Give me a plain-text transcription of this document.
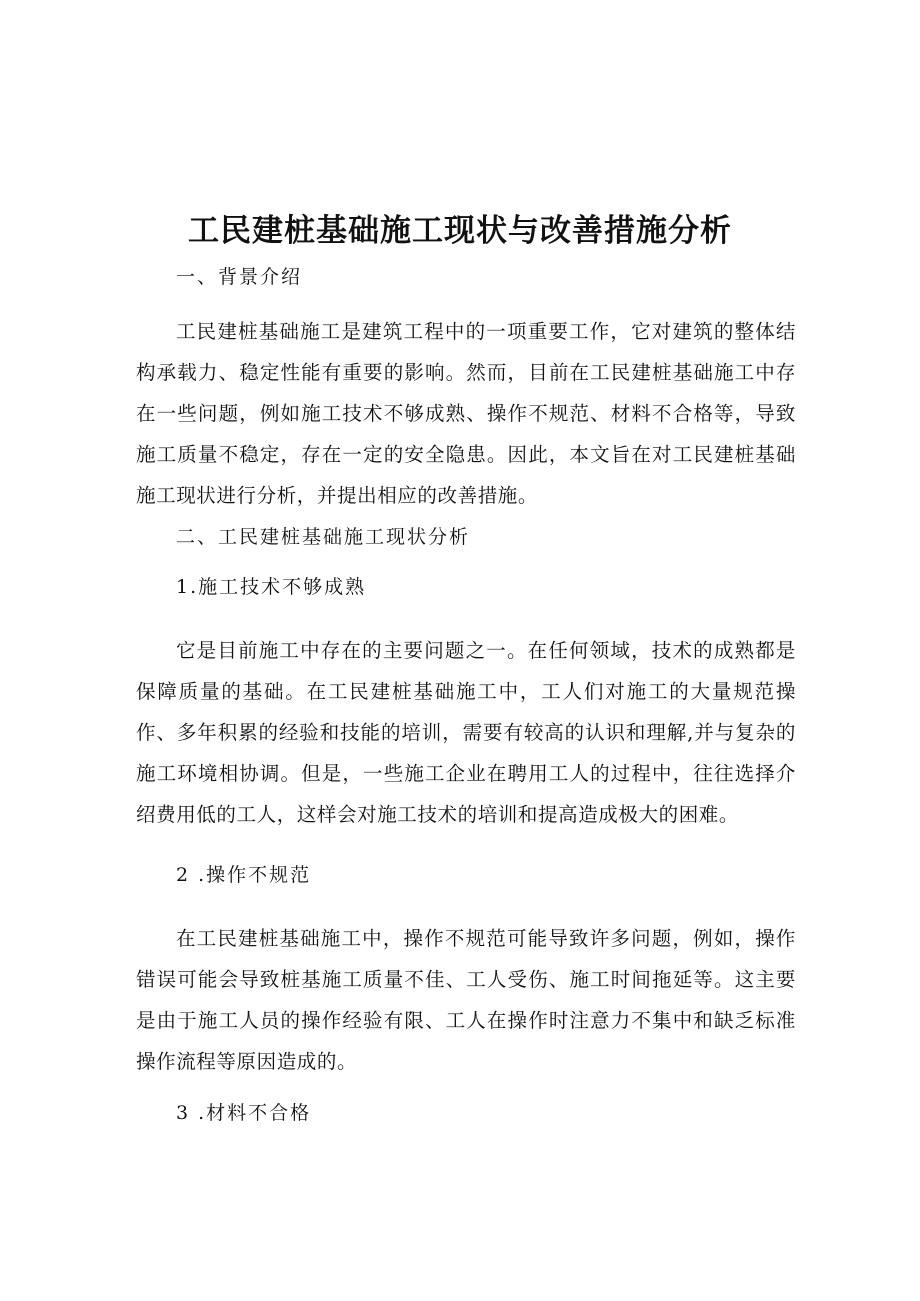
工民建桩基础施工现状与改善措施分析

一、背景介绍

工民建桩基础施工是建筑工程中的一项重要工作，它对建筑的整体结构承载力、稳定性能有重要的影响。然而，目前在工民建桩基础施工中存在一些问题，例如施工技术不够成熟、操作不规范、材料不合格等，导致施工质量不稳定，存在一定的安全隐患。因此，本文旨在对工民建桩基础施工现状进行分析，并提出相应的改善措施。

二、工民建桩基础施工现状分析

1.施工技术不够成熟

它是目前施工中存在的主要问题之一。在任何领域，技术的成熟都是保障质量的基础。在工民建桩基础施工中，工人们对施工的大量规范操作、多年积累的经验和技能的培训，需要有较高的认识和理解,并与复杂的施工环境相协调。但是，一些施工企业在聘用工人的过程中，往往选择介绍费用低的工人，这样会对施工技术的培训和提高造成极大的困难。

2 .操作不规范

在工民建桩基础施工中，操作不规范可能导致许多问题，例如，操作错误可能会导致桩基施工质量不佳、工人受伤、施工时间拖延等。这主要是由于施工人员的操作经验有限、工人在操作时注意力不集中和缺乏标准操作流程等原因造成的。

3 .材料不合格
